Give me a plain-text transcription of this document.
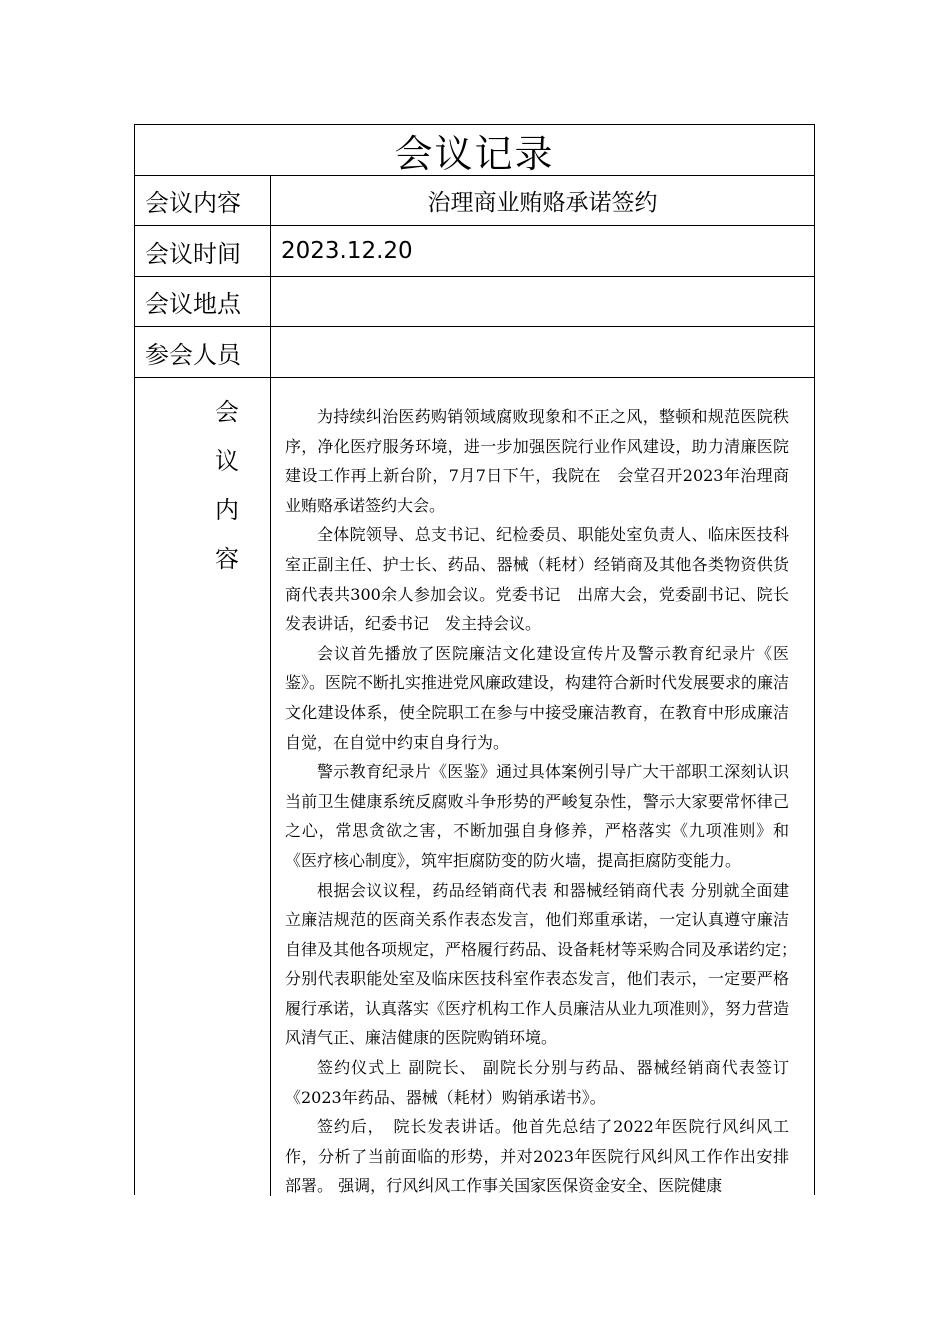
会议记录
会议内容	治理商业贿赂承诺签约
会议时间	2023.12.20
会议地点
参会人员
会
议
内
容

为持续纠治医药购销领域腐败现象和不正之风，整顿和规范医院秩序，净化医疗服务环境，进一步加强医院行业作风建设，助力清廉医院建设工作再上新台阶，7月7日下午，我院在　会堂召开2023年治理商业贿赂承诺签约大会。

全体院领导、总支书记、纪检委员、职能处室负责人、临床医技科室正副主任、护士长、药品、器械（耗材）经销商及其他各类物资供货商代表共300余人参加会议。党委书记　出席大会，党委副书记、院长　发表讲话，纪委书记　发主持会议。

会议首先播放了医院廉洁文化建设宣传片及警示教育纪录片《医鉴》。医院不断扎实推进党风廉政建设，构建符合新时代发展要求的廉洁文化建设体系，使全院职工在参与中接受廉洁教育，在教育中形成廉洁自觉，在自觉中约束自身行为。

警示教育纪录片《医鉴》通过具体案例引导广大干部职工深刻认识当前卫生健康系统反腐败斗争形势的严峻复杂性，警示大家要常怀律己之心，常思贪欲之害，不断加强自身修养，严格落实《九项准则》和《医疗核心制度》，筑牢拒腐防变的防火墙，提高拒腐防变能力。

根据会议议程，药品经销商代表 和器械经销商代表 分别就全面建立廉洁规范的医商关系作表态发言，他们郑重承诺，一定认真遵守廉洁自律及其他各项规定，严格履行药品、设备耗材等采购合同及承诺约定；　分别代表职能处室及临床医技科室作表态发言，他们表示，一定要严格履行承诺，认真落实《医疗机构工作人员廉洁从业九项准则》，努力营造风清气正、廉洁健康的医院购销环境。

签约仪式上 副院长、 副院长分别与药品、器械经销商代表签订《2023年药品、器械（耗材）购销承诺书》。

签约后，　院长发表讲话。他首先总结了2022年医院行风纠风工作，分析了当前面临的形势，并对2023年医院行风纠风工作作出安排部署。 强调，行风纠风工作事关国家医保资金安全、医院健康
